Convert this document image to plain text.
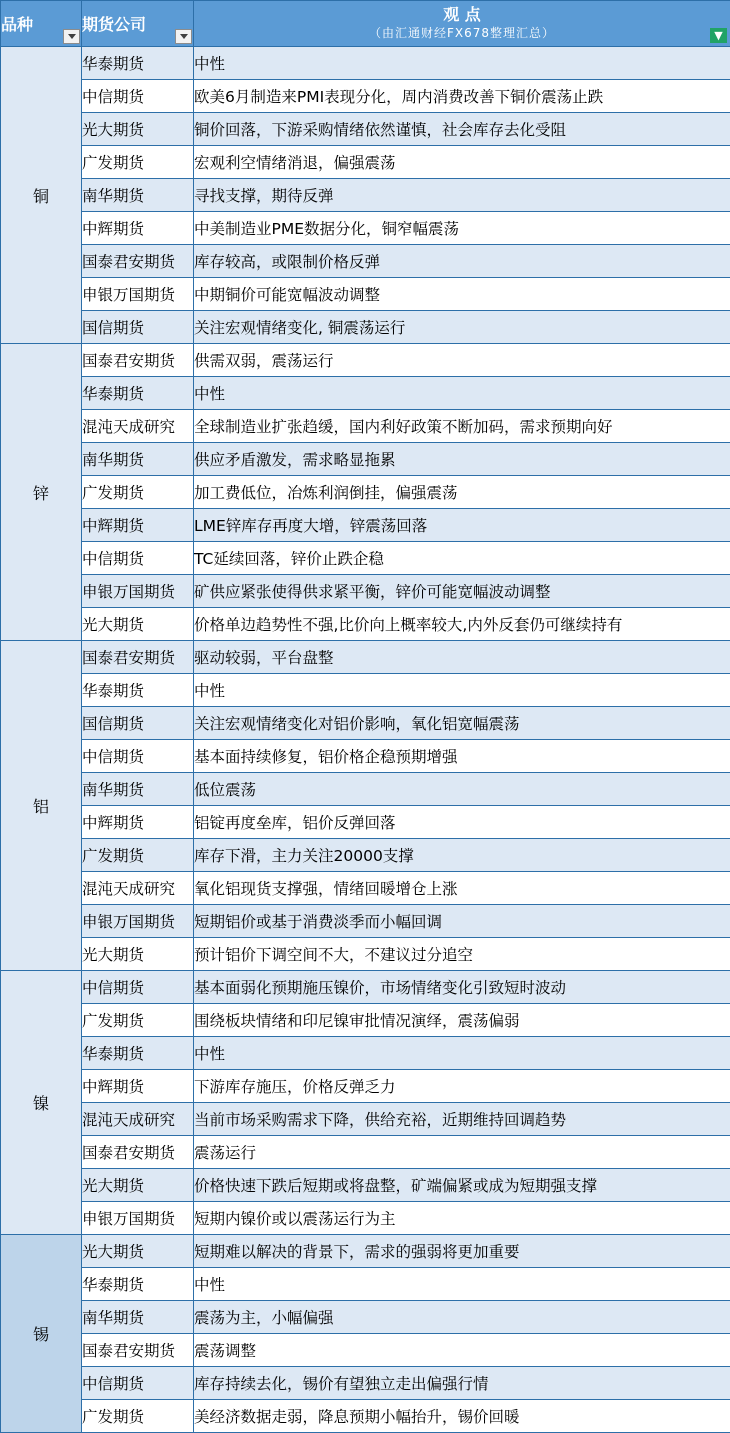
品种	期货公司	观 点
（由汇通财经FX678整理汇总） ▼

铜	华泰期货	中性
	中信期货	欧美6月制造来PMI表现分化，周内消费改善下铜价震荡止跌
	光大期货	铜价回落，下游采购情绪依然谨慎，社会库存去化受阻
	广发期货	宏观利空情绪消退，偏强震荡
	南华期货	寻找支撑，期待反弹
	中辉期货	中美制造业PME数据分化，铜窄幅震荡
	国泰君安期货	库存较高，或限制价格反弹
	申银万国期货	中期铜价可能宽幅波动调整
	国信期货	关注宏观情绪变化, 铜震荡运行
锌	国泰君安期货	供需双弱，震荡运行
	华泰期货	中性
	混沌天成研究	全球制造业扩张趋缓，国内利好政策不断加码，需求预期向好
	南华期货	供应矛盾激发，需求略显拖累
	广发期货	加工费低位，冶炼利润倒挂，偏强震荡
	中辉期货	LME锌库存再度大增，锌震荡回落
	中信期货	TC延续回落，锌价止跌企稳
	申银万国期货	矿供应紧张使得供求紧平衡，锌价可能宽幅波动调整
	光大期货	价格单边趋势性不强,比价向上概率较大,内外反套仍可继续持有
铝	国泰君安期货	驱动较弱，平台盘整
	华泰期货	中性
	国信期货	关注宏观情绪变化对铝价影响，氧化铝宽幅震荡
	中信期货	基本面持续修复，铝价格企稳预期增强
	南华期货	低位震荡
	中辉期货	铝锭再度垒库，铝价反弹回落
	广发期货	库存下滑，主力关注20000支撑
	混沌天成研究	氧化铝现货支撑强，情绪回暖增仓上涨
	申银万国期货	短期铝价或基于消费淡季而小幅回调
	光大期货	预计铝价下调空间不大，不建议过分追空
镍	中信期货	基本面弱化预期施压镍价，市场情绪变化引致短时波动
	广发期货	围绕板块情绪和印尼镍审批情况演绎，震荡偏弱
	华泰期货	中性
	中辉期货	下游库存施压，价格反弹乏力
	混沌天成研究	当前市场采购需求下降，供给充裕，近期维持回调趋势
	国泰君安期货	震荡运行
	光大期货	价格快速下跌后短期或将盘整，矿端偏紧或成为短期强支撑
	申银万国期货	短期内镍价或以震荡运行为主
锡	光大期货	短期难以解决的背景下，需求的强弱将更加重要
	华泰期货	中性
	南华期货	震荡为主，小幅偏强
	国泰君安期货	震荡调整
	中信期货	库存持续去化，锡价有望独立走出偏强行情
	广发期货	美经济数据走弱，降息预期小幅抬升，锡价回暖
